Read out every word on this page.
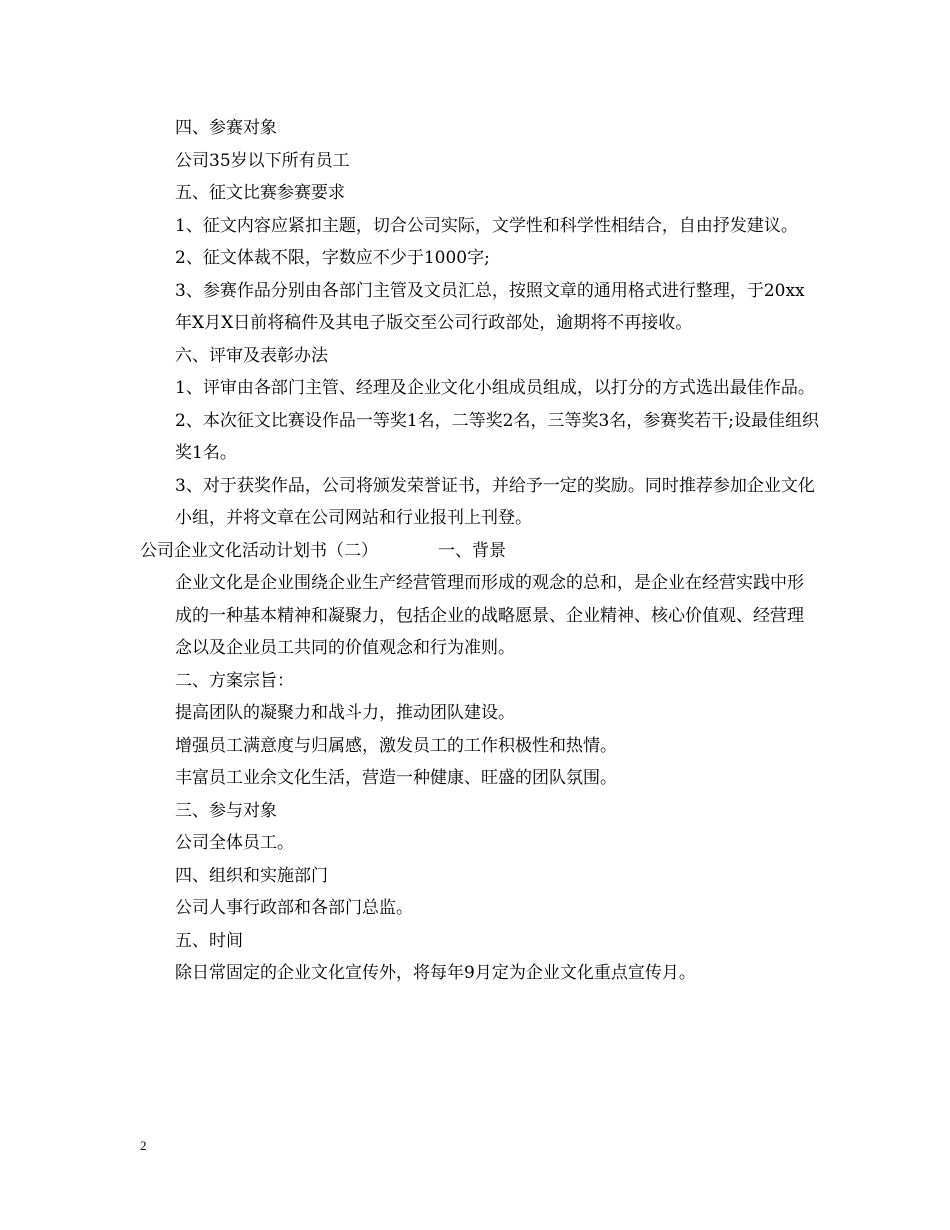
四、参赛对象

公司35岁以下所有员工

五、征文比赛参赛要求

1、征文内容应紧扣主题，切合公司实际，文学性和科学性相结合，自由抒发建议。

2、征文体裁不限，字数应不少于1000字;

3、参赛作品分别由各部门主管及文员汇总，按照文章的通用格式进行整理，于20xx年X月X日前将稿件及其电子版交至公司行政部处，逾期将不再接收。

六、评审及表彰办法

1、评审由各部门主管、经理及企业文化小组成员组成，以打分的方式选出最佳作品。

2、本次征文比赛设作品一等奖1名，二等奖2名，三等奖3名，参赛奖若干;设最佳组织奖1名。

3、对于获奖作品，公司将颁发荣誉证书，并给予一定的奖励。同时推荐参加企业文化小组，并将文章在公司网站和行业报刊上刊登。

公司企业文化活动计划书（二）	一、背景

企业文化是企业围绕企业生产经营管理而形成的观念的总和，是企业在经营实践中形成的一种基本精神和凝聚力，包括企业的战略愿景、企业精神、核心价值观、经营理念以及企业员工共同的价值观念和行为准则。

二、方案宗旨：

提高团队的凝聚力和战斗力，推动团队建设。

增强员工满意度与归属感，激发员工的工作积极性和热情。

丰富员工业余文化生活，营造一种健康、旺盛的团队氛围。

三、参与对象

公司全体员工。

四、组织和实施部门

公司人事行政部和各部门总监。

五、时间

除日常固定的企业文化宣传外，将每年9月定为企业文化重点宣传月。

2
